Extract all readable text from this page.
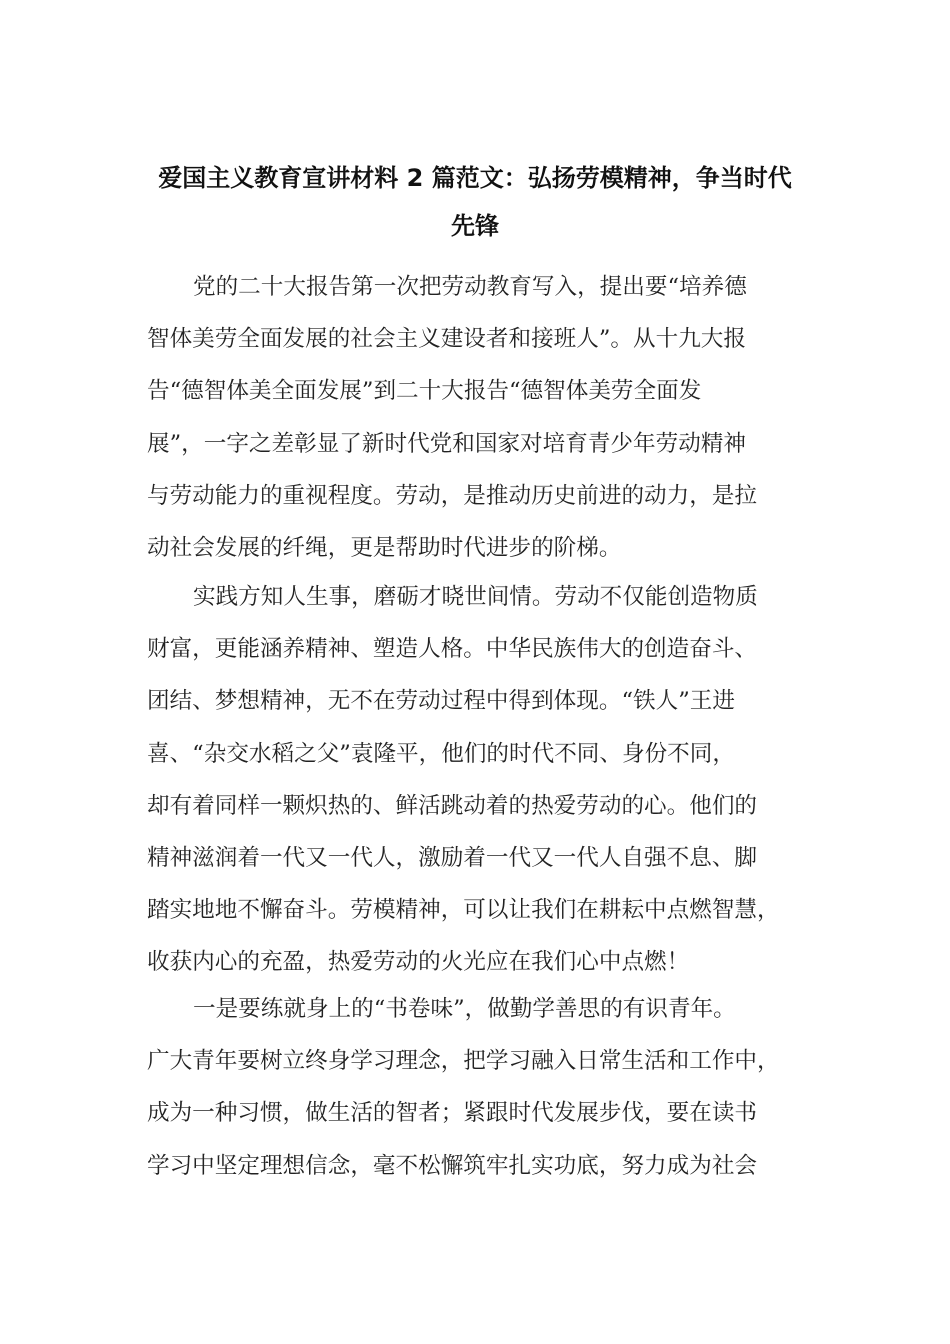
爱国主义教育宣讲材料 2 篇范文：弘扬劳模精神，争当时代

先锋

党的二十大报告第一次把劳动教育写入，提出要“培养德
智体美劳全面发展的社会主义建设者和接班人”。从十九大报
告“德智体美全面发展”到二十大报告“德智体美劳全面发
展”，一字之差彰显了新时代党和国家对培育青少年劳动精神
与劳动能力的重视程度。劳动，是推动历史前进的动力，是拉
动社会发展的纤绳，更是帮助时代进步的阶梯。
实践方知人生事，磨砺才晓世间情。劳动不仅能创造物质
财富，更能涵养精神、塑造人格。中华民族伟大的创造奋斗、
团结、梦想精神，无不在劳动过程中得到体现。“铁人”王进
喜、“杂交水稻之父”袁隆平，他们的时代不同、身份不同，
却有着同样一颗炽热的、鲜活跳动着的热爱劳动的心。他们的
精神滋润着一代又一代人，激励着一代又一代人自强不息、脚
踏实地地不懈奋斗。劳模精神，可以让我们在耕耘中点燃智慧，
收获内心的充盈，热爱劳动的火光应在我们心中点燃！
一是要练就身上的“书卷味”，做勤学善思的有识青年。
广大青年要树立终身学习理念，把学习融入日常生活和工作中，
成为一种习惯，做生活的智者；紧跟时代发展步伐，要在读书
学习中坚定理想信念，毫不松懈筑牢扎实功底，努力成为社会
